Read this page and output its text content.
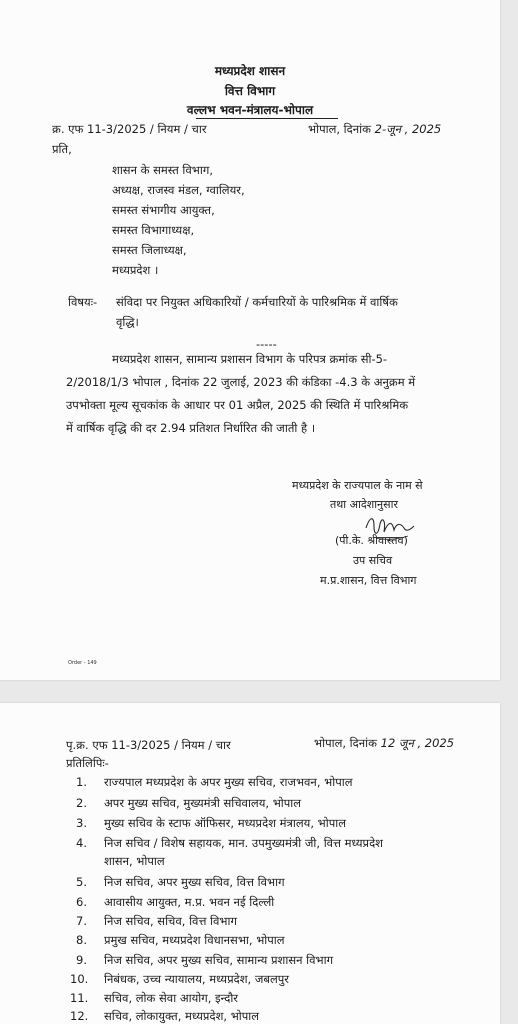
मध्यप्रदेश शासन
वित्त विभाग
वल्लभ भवन-मंत्रालय-भोपाल
क्र. एफ 11-3/2025 / नियम / चार	भोपाल, दिनांक 2-जून , 2025
प्रति,
शासन के समस्त विभाग,
अध्यक्ष, राजस्व मंडल, ग्वालियर,
समस्त संभागीय आयुक्त,
समस्त विभागाध्यक्ष,
समस्त जिलाध्यक्ष,
मध्यप्रदेश ।
विषयः- संविदा पर नियुक्त अधिकारियों / कर्मचारियों के पारिश्रमिक में वार्षिक
वृद्धि।
-----
मध्यप्रदेश शासन, सामान्य प्रशासन विभाग के परिपत्र क्रमांक सी-5-
2/2018/1/3 भोपाल , दिनांक 22 जुलाई, 2023 की कंडिका -4.3 के अनुक्रम में
उपभोक्ता मूल्य सूचकांक के आधार पर 01 अप्रैल, 2025 की स्थिति में पारिश्रमिक
में वार्षिक वृद्धि की दर 2.94 प्रतिशत निर्धारित की जाती है ।
मध्यप्रदेश के राज्यपाल के नाम से
तथा आदेशानुसार
(पी.के. श्रीवास्तव)
उप सचिव
म.प्र.शासन, वित्त विभाग
Order - 149
पृ.क्र. एफ 11-3/2025 / नियम / चार	भोपाल, दिनांक 12 जून , 2025
प्रतिलिपिः-
1. राज्यपाल मध्यप्रदेश के अपर मुख्य सचिव, राजभवन, भोपाल
2. अपर मुख्य सचिव, मुख्यमंत्री सचिवालय, भोपाल
3. मुख्य सचिव के स्टाफ ऑफिसर, मध्यप्रदेश मंत्रालय, भोपाल
4. निज सचिव / विशेष सहायक, मान. उपमुख्यमंत्री जी, वित्त मध्यप्रदेश
शासन, भोपाल
5. निज सचिव, अपर मुख्य सचिव, वित्त विभाग
6. आवासीय आयुक्त, म.प्र. भवन नई दिल्ली
7. निज सचिव, सचिव, वित्त विभाग
8. प्रमुख सचिव, मध्यप्रदेश विधानसभा, भोपाल
9. निज सचिव, अपर मुख्य सचिव, सामान्य प्रशासन विभाग
10. निबंधक, उच्च न्यायालय, मध्यप्रदेश, जबलपुर
11. सचिव, लोक सेवा आयोग, इन्दौर
12. सचिव, लोकायुक्त, मध्यप्रदेश, भोपाल
